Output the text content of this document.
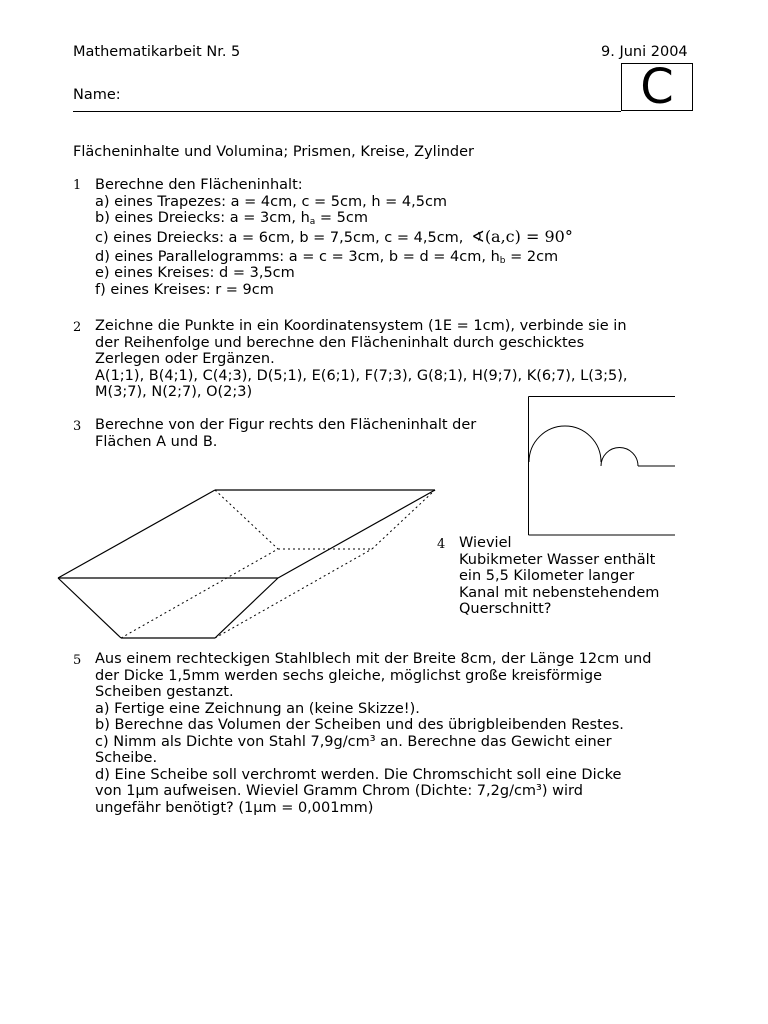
Mathematikarbeit Nr. 5	9. Juni 2004
Name:	C
Flächeninhalte und Volumina; Prismen, Kreise, Zylinder
1 Berechne den Flächeninhalt:
a) eines Trapezes: a = 4cm, c = 5cm, h = 4,5cm
b) eines Dreiecks: a = 3cm, $h_a = 5cm$
c) eines Dreiecks: a = 6cm, b = 7,5cm, c = 4,5cm, ∢(a,c) = 90°
d) eines Parallelogramms: a = c = 3cm, b = d = 4cm, $h_b = 2cm$
e) eines Kreises: d = 3,5cm
f) eines Kreises: r = 9cm
2 Zeichne die Punkte in ein Koordinatensystem (1E = 1cm), verbinde sie in
der Reihenfolge und berechne den Flächeninhalt durch geschicktes
Zerlegen oder Ergänzen.
A(1;1), B(4;1), C(4;3), D(5;1), E(6;1), F(7;3), G(8;1), H(9;7), K(6;7), L(3;5),
M(3;7), N(2;7), O(2;3)
3 Berechne von der Figur rechts den Flächeninhalt der
Flächen A und B.
4 Wieviel
Kubikmeter Wasser enthält
ein 5,5 Kilometer langer
Kanal mit nebenstehendem
Querschnitt?
5 Aus einem rechteckigen Stahlblech mit der Breite 8cm, der Länge 12cm und
der Dicke 1,5mm werden sechs gleiche, möglichst große kreisförmige
Scheiben gestanzt.
a) Fertige eine Zeichnung an (keine Skizze!).
b) Berechne das Volumen der Scheiben und des übrigbleibenden Restes.
c) Nimm als Dichte von Stahl 7,9g/cm³ an. Berechne das Gewicht einer
Scheibe.
d) Eine Scheibe soll verchromt werden. Die Chromschicht soll eine Dicke
von 1µm aufweisen. Wieviel Gramm Chrom (Dichte: 7,2g/cm³) wird
ungefähr benötigt? (1µm = 0,001mm)
